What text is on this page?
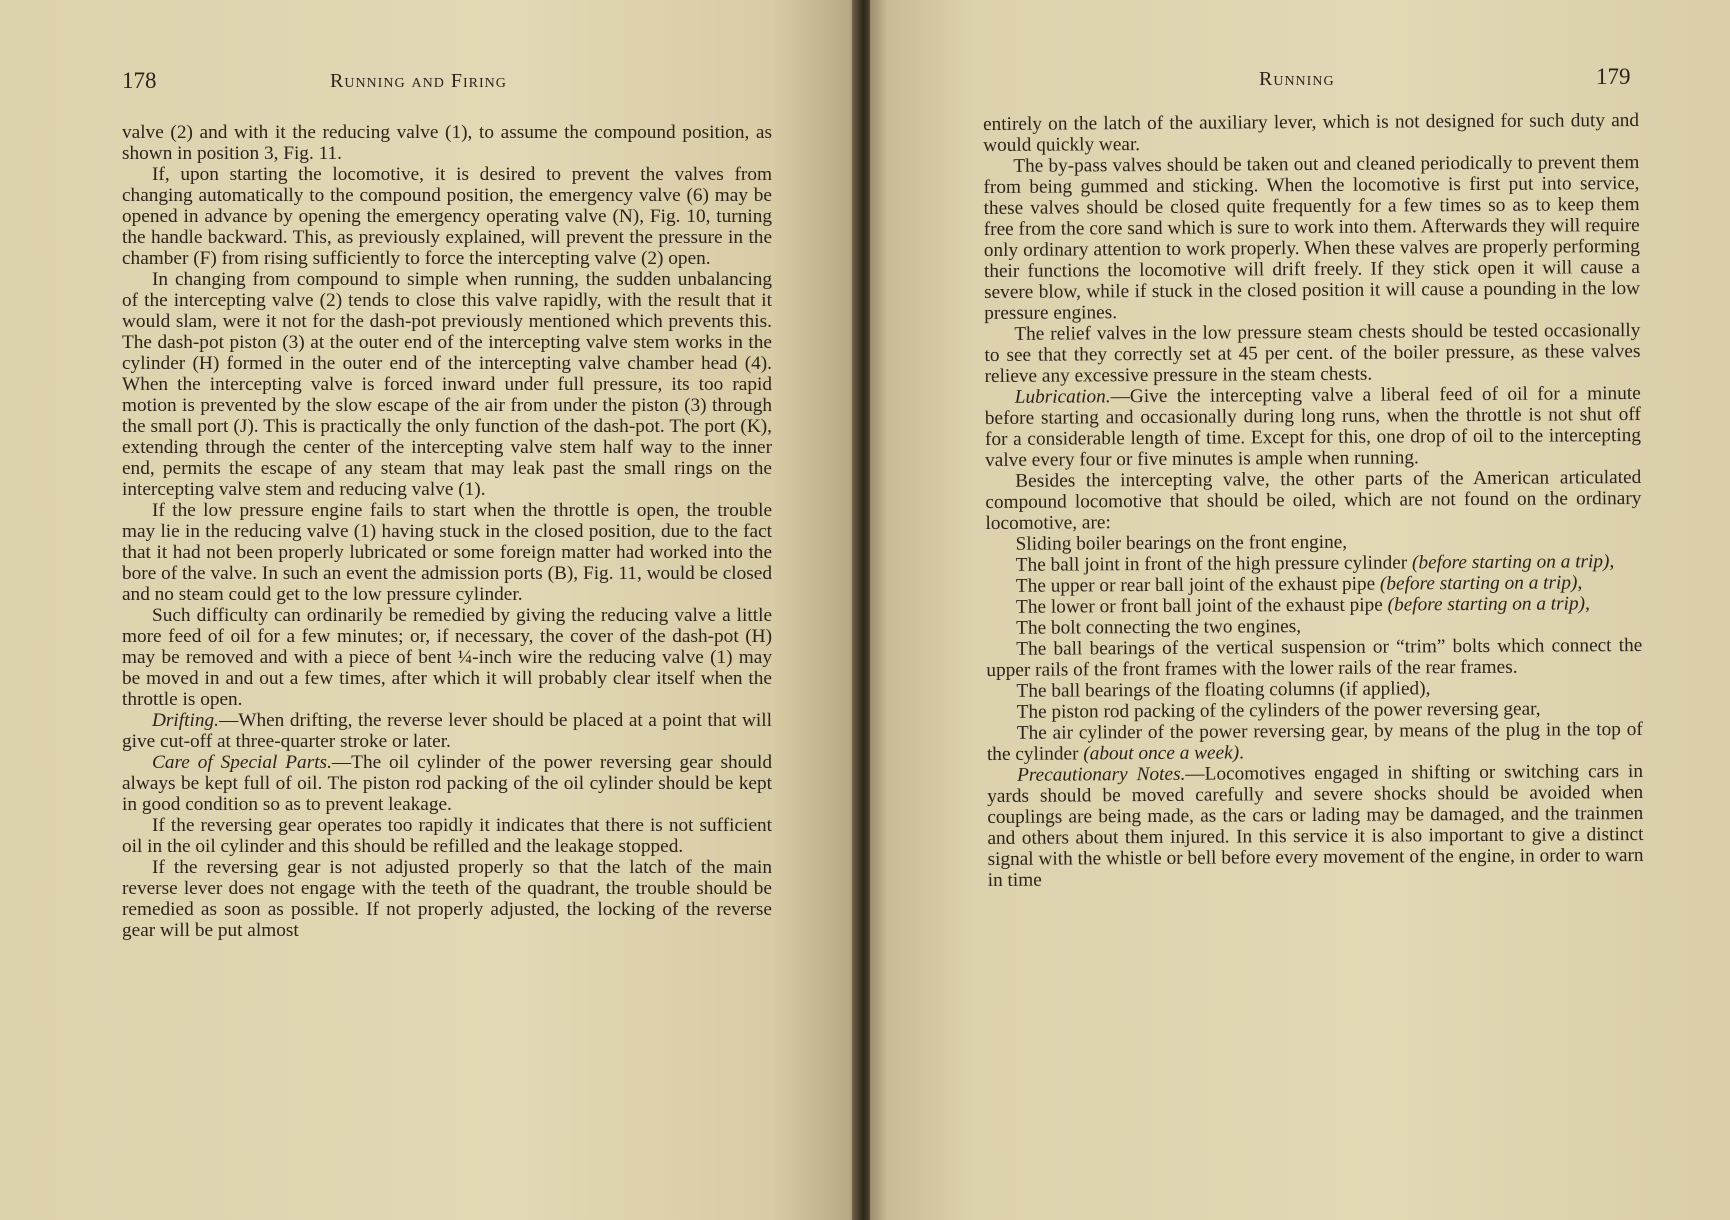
178	Running and Firing

valve (2) and with it the reducing valve (1), to assume the compound position, as shown in position 3, Fig. 11.

If, upon starting the locomotive, it is desired to prevent the valves from changing automatically to the compound position, the emergency valve (6) may be opened in advance by opening the emergency operating valve (N), Fig. 10, turning the handle backward. This, as previously explained, will prevent the pressure in the chamber (F) from rising sufficiently to force the intercepting valve (2) open.

In changing from compound to simple when running, the sudden unbalancing of the intercepting valve (2) tends to close this valve rapidly, with the result that it would slam, were it not for the dash-pot previously mentioned which prevents this. The dash-pot piston (3) at the outer end of the intercepting valve stem works in the cylinder (H) formed in the outer end of the intercepting valve chamber head (4). When the intercepting valve is forced inward under full pressure, its too rapid motion is prevented by the slow escape of the air from under the piston (3) through the small port (J). This is practically the only function of the dash-pot. The port (K), extending through the center of the intercepting valve stem half way to the inner end, permits the escape of any steam that may leak past the small rings on the intercepting valve stem and reducing valve (1).

If the low pressure engine fails to start when the throttle is open, the trouble may lie in the reducing valve (1) having stuck in the closed position, due to the fact that it had not been properly lubricated or some foreign matter had worked into the bore of the valve. In such an event the admission ports (B), Fig. 11, would be closed and no steam could get to the low pressure cylinder.

Such difficulty can ordinarily be remedied by giving the reducing valve a little more feed of oil for a few minutes; or, if necessary, the cover of the dash-pot (H) may be removed and with a piece of bent ¼-inch wire the reducing valve (1) may be moved in and out a few times, after which it will probably clear itself when the throttle is open.

Drifting.—When drifting, the reverse lever should be placed at a point that will give cut-off at three-quarter stroke or later.

Care of Special Parts.—The oil cylinder of the power reversing gear should always be kept full of oil. The piston rod packing of the oil cylinder should be kept in good condition so as to prevent leakage.

If the reversing gear operates too rapidly it indicates that there is not sufficient oil in the oil cylinder and this should be refilled and the leakage stopped.

If the reversing gear is not adjusted properly so that the latch of the main reverse lever does not engage with the teeth of the quadrant, the trouble should be remedied as soon as possible. If not properly adjusted, the locking of the reverse gear will be put almost

Running	179

entirely on the latch of the auxiliary lever, which is not designed for such duty and would quickly wear.

The by-pass valves should be taken out and cleaned periodically to prevent them from being gummed and sticking. When the locomotive is first put into service, these valves should be closed quite frequently for a few times so as to keep them free from the core sand which is sure to work into them. Afterwards they will require only ordinary attention to work properly. When these valves are properly performing their functions the locomotive will drift freely. If they stick open it will cause a severe blow, while if stuck in the closed position it will cause a pounding in the low pressure engines.

The relief valves in the low pressure steam chests should be tested occasionally to see that they correctly set at 45 per cent. of the boiler pressure, as these valves relieve any excessive pressure in the steam chests.

Lubrication.—Give the intercepting valve a liberal feed of oil for a minute before starting and occasionally during long runs, when the throttle is not shut off for a considerable length of time. Except for this, one drop of oil to the intercepting valve every four or five minutes is ample when running.

Besides the intercepting valve, the other parts of the American articulated compound locomotive that should be oiled, which are not found on the ordinary locomotive, are:

Sliding boiler bearings on the front engine,

The ball joint in front of the high pressure cylinder (before starting on a trip),

The upper or rear ball joint of the exhaust pipe (before starting on a trip),

The lower or front ball joint of the exhaust pipe (before starting on a trip),

The bolt connecting the two engines,

The ball bearings of the vertical suspension or “trim” bolts which connect the upper rails of the front frames with the lower rails of the rear frames.

The ball bearings of the floating columns (if applied),

The piston rod packing of the cylinders of the power reversing gear,

The air cylinder of the power reversing gear, by means of the plug in the top of the cylinder (about once a week).

Precautionary Notes.—Locomotives engaged in shifting or switching cars in yards should be moved carefully and severe shocks should be avoided when couplings are being made, as the cars or lading may be damaged, and the trainmen and others about them injured. In this service it is also important to give a distinct signal with the whistle or bell before every movement of the engine, in order to warn in time
